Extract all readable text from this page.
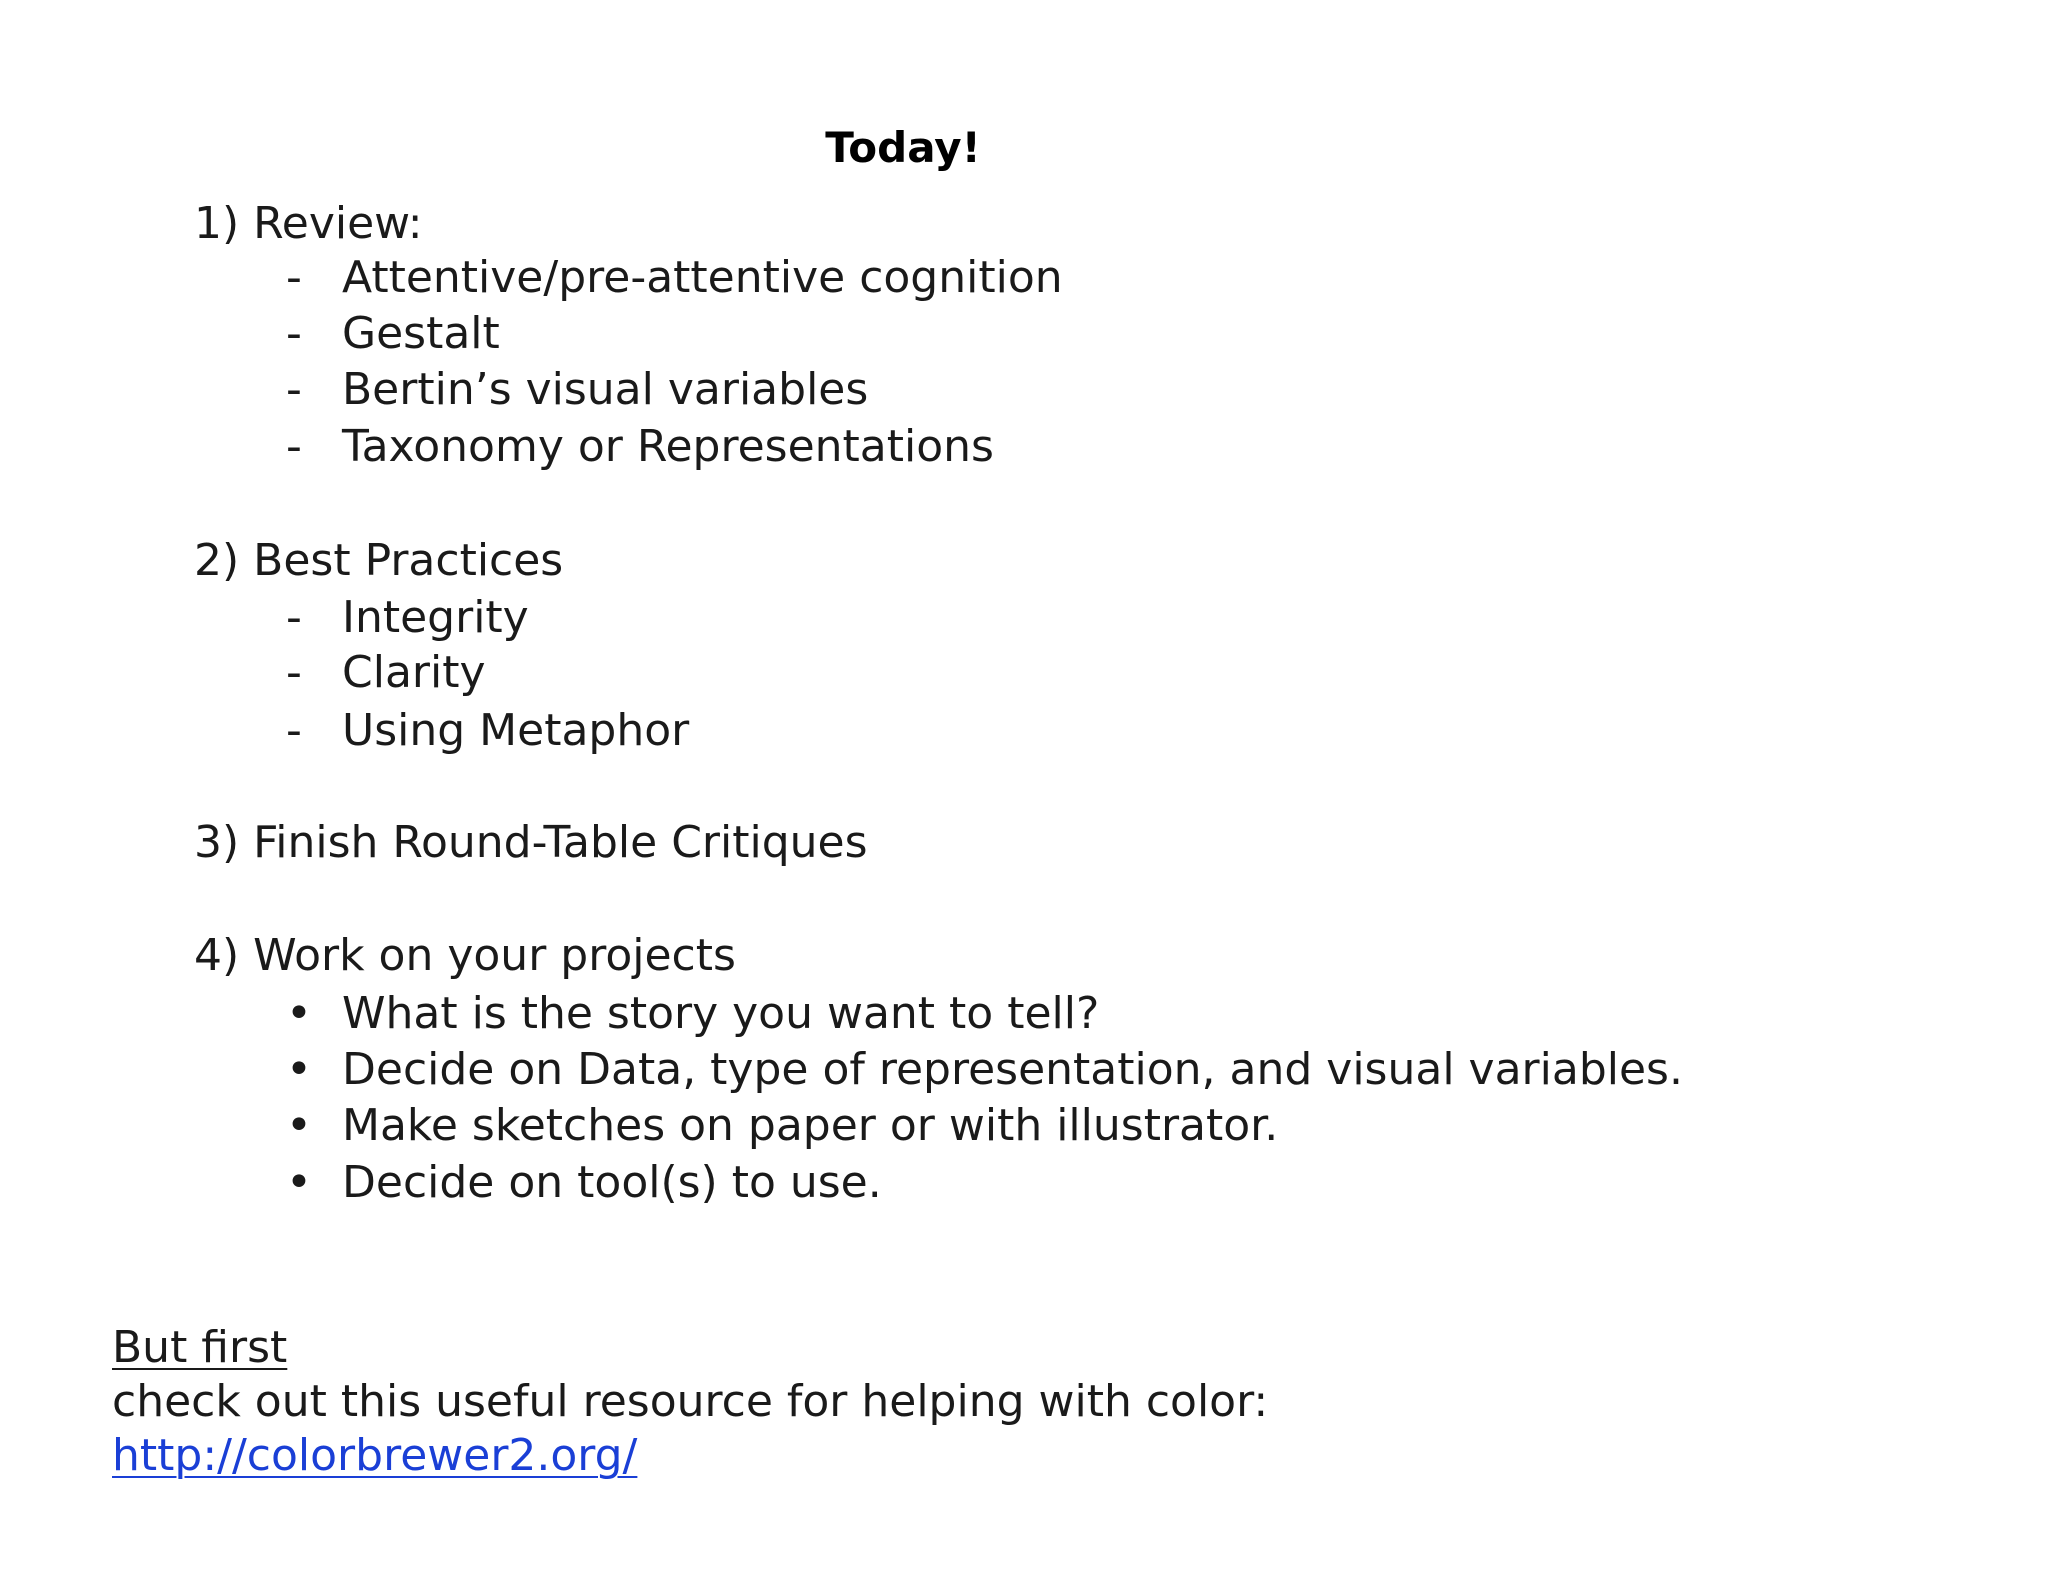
Today!
1) Review:
- Attentive/pre-attentive cognition
- Gestalt
- Bertin’s visual variables
- Taxonomy or Representations
2) Best Practices
- Integrity
- Clarity
- Using Metaphor
3) Finish Round-Table Critiques
4) Work on your projects
• What is the story you want to tell?
• Decide on Data, type of representation, and visual variables.
• Make sketches on paper or with illustrator.
• Decide on tool(s) to use.
But first
check out this useful resource for helping with color:
http://colorbrewer2.org/
